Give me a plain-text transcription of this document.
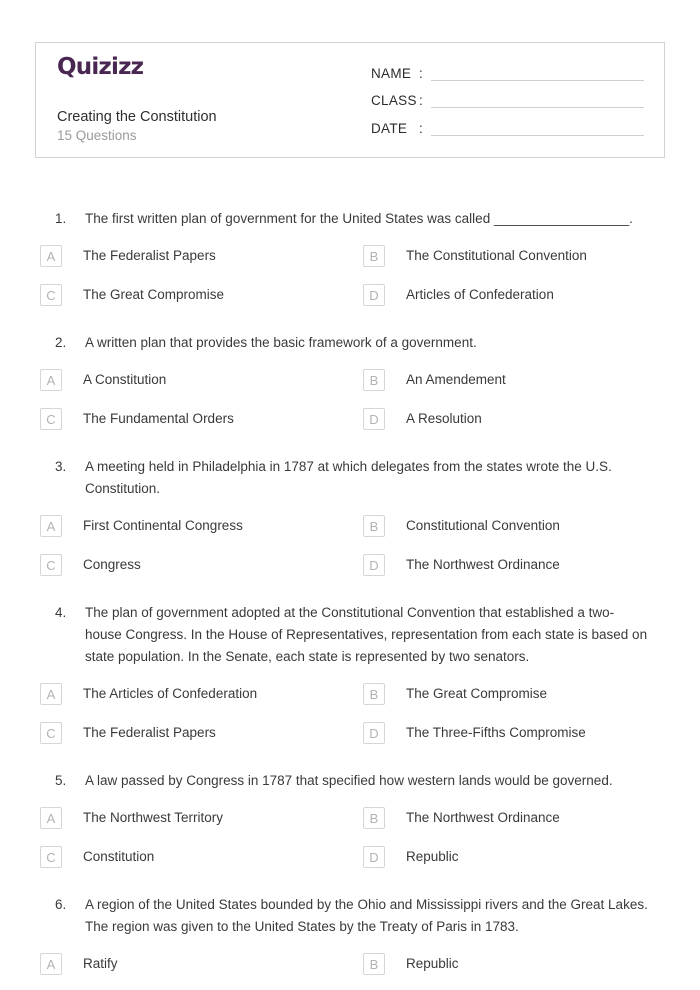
Quizizz
Creating the Constitution
15 Questions
NAME
:
CLASS
:
DATE
:
1.	The first written plan of government for the United States was called __________________.
A	The Federalist Papers	B	The Constitutional Convention
C	The Great Compromise	D	Articles of Confederation
2.	A written plan that provides the basic framework of a government.
A	A Constitution	B	An Amendement
C	The Fundamental Orders	D	A Resolution
3.	A meeting held in Philadelphia in 1787 at which delegates from the states wrote the U.S. Constitution.
A	First Continental Congress	B	Constitutional Convention
C	Congress	D	The Northwest Ordinance
4.	The plan of government adopted at the Constitutional Convention that established a two-house Congress. In the House of Representatives, representation from each state is based on state population. In the Senate, each state is represented by two senators.
A	The Articles of Confederation	B	The Great Compromise
C	The Federalist Papers	D	The Three-Fifths Compromise
5.	A law passed by Congress in 1787 that specified how western lands would be governed.
A	The Northwest Territory	B	The Northwest Ordinance
C	Constitution	D	Republic
6.	A region of the United States bounded by the Ohio and Mississippi rivers and the Great Lakes. The region was given to the United States by the Treaty of Paris in 1783.
A	Ratify	B	Republic
